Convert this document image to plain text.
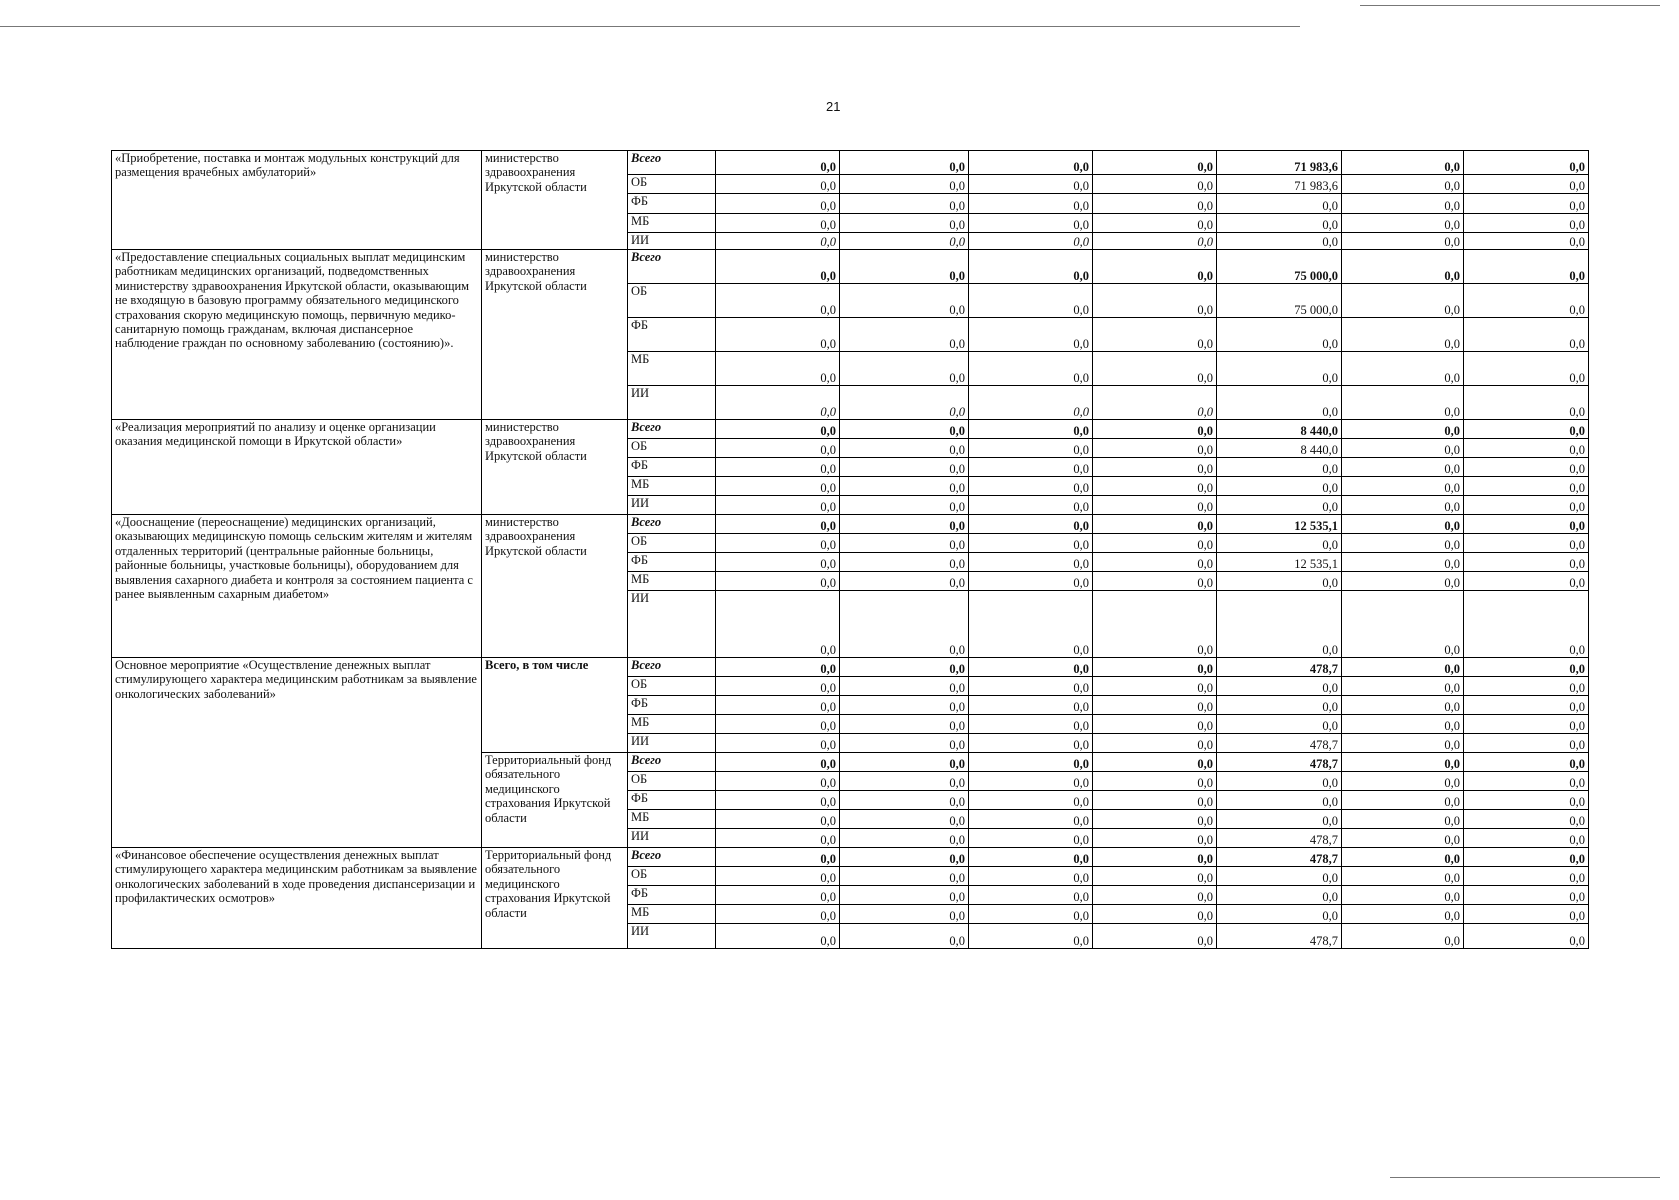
21
«Приобретение, поставка и монтаж модульных конструкций для размещения врачебных амбулаторий»	министерство здравоохранения Иркутской области	Всего	0,0	0,0	0,0	0,0	71 983,6	0,0	0,0
		ОБ	0,0	0,0	0,0	0,0	71 983,6	0,0	0,0
		ФБ	0,0	0,0	0,0	0,0	0,0	0,0	0,0
		МБ	0,0	0,0	0,0	0,0	0,0	0,0	0,0
		ИИ	0,0	0,0	0,0	0,0	0,0	0,0	0,0
«Предоставление специальных социальных выплат медицинским работникам медицинских организаций, подведомственных министерству здравоохранения Иркутской области, оказывающим не входящую в базовую программу обязательного медицинского страхования скорую медицинскую помощь, первичную медико-санитарную помощь гражданам, включая диспансерное наблюдение граждан по основному заболеванию (состоянию)».	министерство здравоохранения Иркутской области	Всего	0,0	0,0	0,0	0,0	75 000,0	0,0	0,0
		ОБ	0,0	0,0	0,0	0,0	75 000,0	0,0	0,0
		ФБ	0,0	0,0	0,0	0,0	0,0	0,0	0,0
		МБ	0,0	0,0	0,0	0,0	0,0	0,0	0,0
		ИИ	0,0	0,0	0,0	0,0	0,0	0,0	0,0
«Реализация мероприятий по анализу и оценке организации оказания медицинской помощи в Иркутской области»	министерство здравоохранения Иркутской области	Всего	0,0	0,0	0,0	0,0	8 440,0	0,0	0,0
		ОБ	0,0	0,0	0,0	0,0	8 440,0	0,0	0,0
		ФБ	0,0	0,0	0,0	0,0	0,0	0,0	0,0
		МБ	0,0	0,0	0,0	0,0	0,0	0,0	0,0
		ИИ	0,0	0,0	0,0	0,0	0,0	0,0	0,0
«Дооснащение (переоснащение) медицинских организаций, оказывающих медицинскую помощь сельским жителям и жителям отдаленных территорий (центральные районные больницы, районные больницы, участковые больницы), оборудованием для выявления сахарного диабета и контроля за состоянием пациента с ранее выявленным сахарным диабетом»	министерство здравоохранения Иркутской области	Всего	0,0	0,0	0,0	0,0	12 535,1	0,0	0,0
		ОБ	0,0	0,0	0,0	0,0	0,0	0,0	0,0
		ФБ	0,0	0,0	0,0	0,0	12 535,1	0,0	0,0
		МБ	0,0	0,0	0,0	0,0	0,0	0,0	0,0
		ИИ	0,0	0,0	0,0	0,0	0,0	0,0	0,0
Основное мероприятие «Осуществление денежных выплат стимулирующего характера медицинским работникам за выявление онкологических заболеваний»	Всего, в том числе	Всего	0,0	0,0	0,0	0,0	478,7	0,0	0,0
		ОБ	0,0	0,0	0,0	0,0	0,0	0,0	0,0
		ФБ	0,0	0,0	0,0	0,0	0,0	0,0	0,0
		МБ	0,0	0,0	0,0	0,0	0,0	0,0	0,0
		ИИ	0,0	0,0	0,0	0,0	478,7	0,0	0,0
	Территориальный фонд обязательного медицинского страхования Иркутской области	Всего	0,0	0,0	0,0	0,0	478,7	0,0	0,0
		ОБ	0,0	0,0	0,0	0,0	0,0	0,0	0,0
		ФБ	0,0	0,0	0,0	0,0	0,0	0,0	0,0
		МБ	0,0	0,0	0,0	0,0	0,0	0,0	0,0
		ИИ	0,0	0,0	0,0	0,0	478,7	0,0	0,0
«Финансовое обеспечение осуществления денежных выплат стимулирующего характера медицинским работникам за выявление онкологических заболеваний в ходе проведения диспансеризации и профилактических осмотров»	Территориальный фонд обязательного медицинского страхования Иркутской области	Всего	0,0	0,0	0,0	0,0	478,7	0,0	0,0
		ОБ	0,0	0,0	0,0	0,0	0,0	0,0	0,0
		ФБ	0,0	0,0	0,0	0,0	0,0	0,0	0,0
		МБ	0,0	0,0	0,0	0,0	0,0	0,0	0,0
		ИИ	0,0	0,0	0,0	0,0	478,7	0,0	0,0
